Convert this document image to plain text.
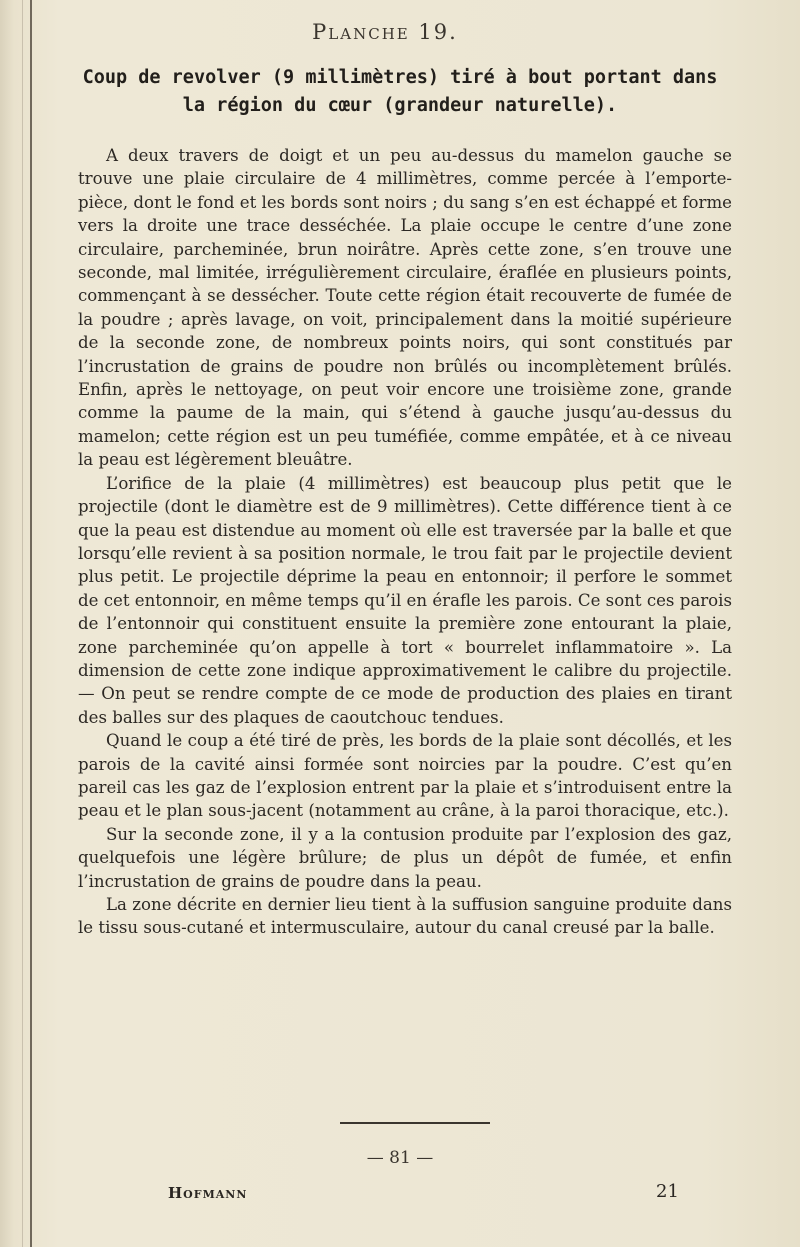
Planche 19.
Coup de revolver (9 millimètres) tiré à bout portant dans
la région du cœur (grandeur naturelle).

A deux travers de doigt et un peu au-dessus du mamelon gauche se trouve une plaie circulaire de 4 millimètres, comme percée à l’emporte-pièce, dont le fond et les bords sont noirs ; du sang s’en est échappé et forme vers la droite une trace desséchée. La plaie occupe le centre d’une zone circulaire, parcheminée, brun noirâtre. Après cette zone, s’en trouve une seconde, mal limitée, irrégulièrement circulaire, éraflée en plusieurs points, commençant à se dessécher. Toute cette région était recouverte de fumée de la poudre ; après lavage, on voit, principalement dans la moitié supérieure de la seconde zone, de nombreux points noirs, qui sont constitués par l’incrustation de grains de poudre non brûlés ou incomplètement brûlés. Enfin, après le nettoyage, on peut voir encore une troisième zone, grande comme la paume de la main, qui s’étend à gauche jusqu’au-dessus du mamelon; cette région est un peu tuméfiée, comme empâtée, et à ce niveau la peau est légèrement bleuâtre.

L’orifice de la plaie (4 millimètres) est beaucoup plus petit que le projectile (dont le diamètre est de 9 millimètres). Cette différence tient à ce que la peau est distendue au moment où elle est traversée par la balle et que lorsqu’elle revient à sa position normale, le trou fait par le projectile devient plus petit. Le projectile déprime la peau en entonnoir; il perfore le sommet de cet entonnoir, en même temps qu’il en érafle les parois. Ce sont ces parois de l’entonnoir qui constituent ensuite la première zone entourant la plaie, zone parcheminée qu’on appelle à tort « bourrelet inflammatoire ». La dimension de cette zone indique approximativement le calibre du projectile. — On peut se rendre compte de ce mode de production des plaies en tirant des balles sur des plaques de caoutchouc tendues.

Quand le coup a été tiré de près, les bords de la plaie sont décollés, et les parois de la cavité ainsi formée sont noircies par la poudre. C’est qu’en pareil cas les gaz de l’explosion entrent par la plaie et s’introduisent entre la peau et le plan sous-jacent (notamment au crâne, à la paroi thoracique, etc.).

Sur la seconde zone, il y a la contusion produite par l’explosion des gaz, quelquefois une légère brûlure; de plus un dépôt de fumée, et enfin l’incrustation de grains de poudre dans la peau.

La zone décrite en dernier lieu tient à la suffusion sanguine produite dans le tissu sous-cutané et intermusculaire, autour du canal creusé par la balle.

— 81 —
Hofmann	21
